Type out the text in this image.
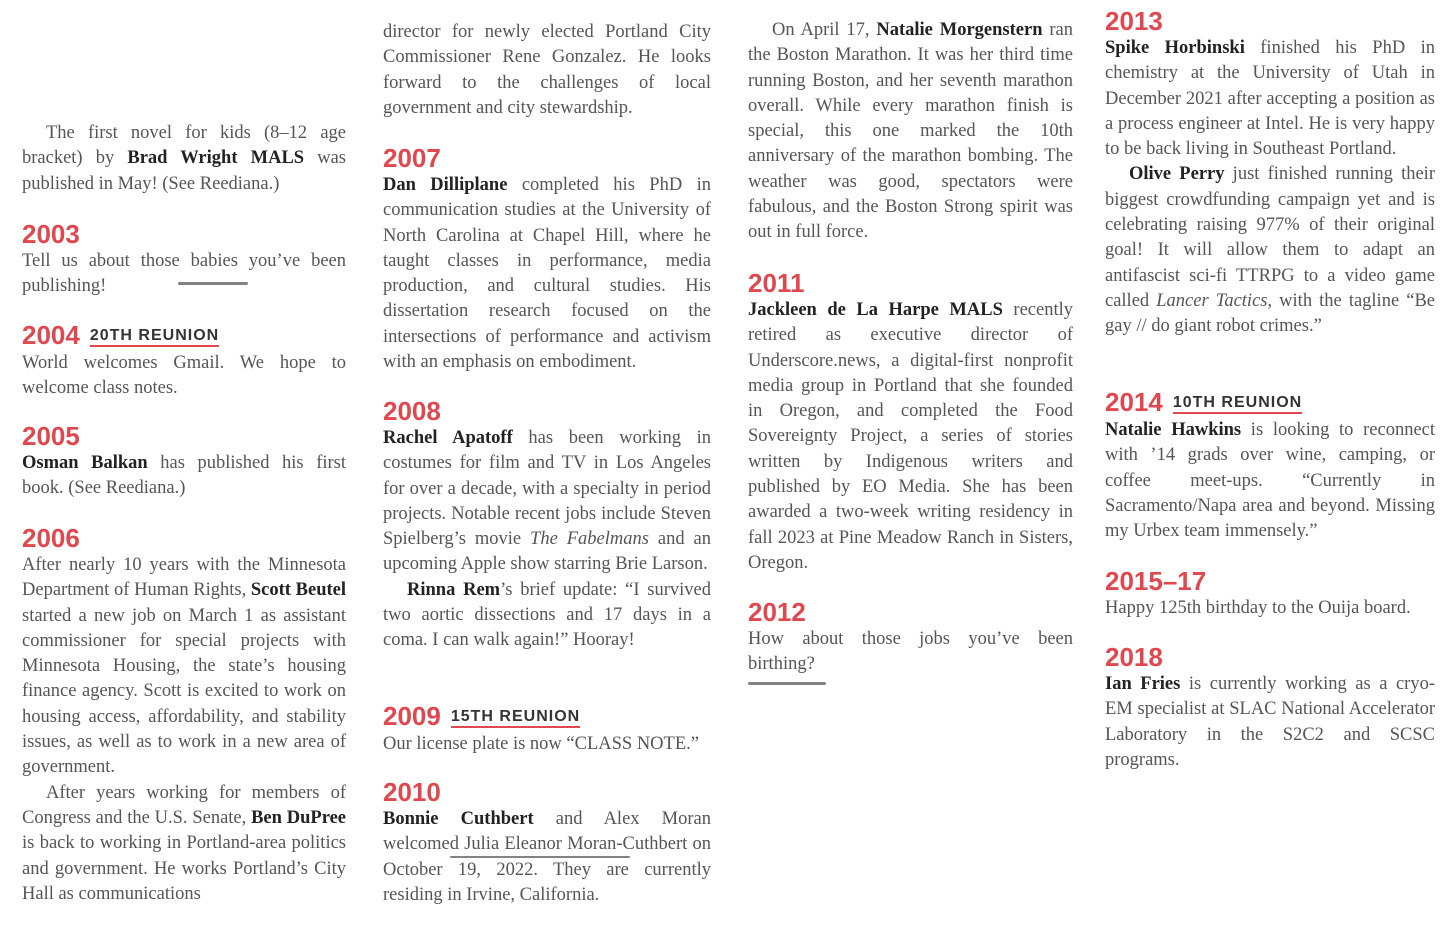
The first novel for kids (8–12 age bracket) by Brad Wright MALS was published in May! (See Reediana.)

2003

Tell us about those babies you’ve been publishing!

2004 20TH REUNION

World welcomes Gmail. We hope to welcome class notes.

2005

Osman Balkan has published his first book. (See Reediana.)

2006

After nearly 10 years with the Minnesota Department of Human Rights, Scott Beutel started a new job on March 1 as assistant commissioner for special projects with Minnesota Housing, the state’s housing finance agency. Scott is excited to work on housing access, affordability, and stability issues, as well as to work in a new area of government.

After years working for members of Congress and the U.S. Senate, Ben DuPree is back to working in Portland-area politics and government. He works Portland’s City Hall as communications

director for newly elected Portland City Commissioner Rene Gonzalez. He looks forward to the challenges of local government and city stewardship.

2007

Dan Dilliplane completed his PhD in communication studies at the University of North Carolina at Chapel Hill, where he taught classes in performance, media production, and cultural studies. His dissertation research focused on the intersections of performance and activism with an emphasis on embodiment.

2008

Rachel Apatoff has been working in costumes for film and TV in Los Angeles for over a decade, with a specialty in period projects. Notable recent jobs include Steven Spielberg’s movie The Fabelmans and an upcoming Apple show starring Brie Larson.

Rinna Rem’s brief update: “I survived two aortic dissections and 17 days in a coma. I can walk again!” Hooray!

2009 15TH REUNION

Our license plate is now “CLASS NOTE.”

2010

Bonnie Cuthbert and Alex Moran welcomed Julia Eleanor Moran-Cuthbert on October 19, 2022. They are currently residing in Irvine, California.

On April 17, Natalie Morgenstern ran the Boston Marathon. It was her third time running Boston, and her seventh marathon overall. While every marathon finish is special, this one marked the 10th anniversary of the marathon bombing. The weather was good, spectators were fabulous, and the Boston Strong spirit was out in full force.

2011

Jackleen de La Harpe MALS recently retired as executive director of Underscore.news, a digital-first nonprofit media group in Portland that she founded in Oregon, and completed the Food Sovereignty Project, a series of stories written by Indigenous writers and published by EO Media. She has been awarded a two-week writing residency in fall 2023 at Pine Meadow Ranch in Sisters, Oregon.

2012

How about those jobs you’ve been birthing?

2013

Spike Horbinski finished his PhD in chemistry at the University of Utah in December 2021 after accepting a position as a process engineer at Intel. He is very happy to be back living in Southeast Portland.

Olive Perry just finished running their biggest crowdfunding campaign yet and is celebrating raising 977% of their original goal! It will allow them to adapt an antifascist sci-fi TTRPG to a video game called Lancer Tactics, with the tagline “Be gay // do giant robot crimes.”

2014 10TH REUNION

Natalie Hawkins is looking to reconnect with ’14 grads over wine, camping, or coffee meet-ups. “Currently in Sacramento/Napa area and beyond. Missing my Urbex team immensely.”

2015–17

Happy 125th birthday to the Ouija board.

2018

Ian Fries is currently working as a cryo-EM specialist at SLAC National Accelerator Laboratory in the S2C2 and SCSC programs.
